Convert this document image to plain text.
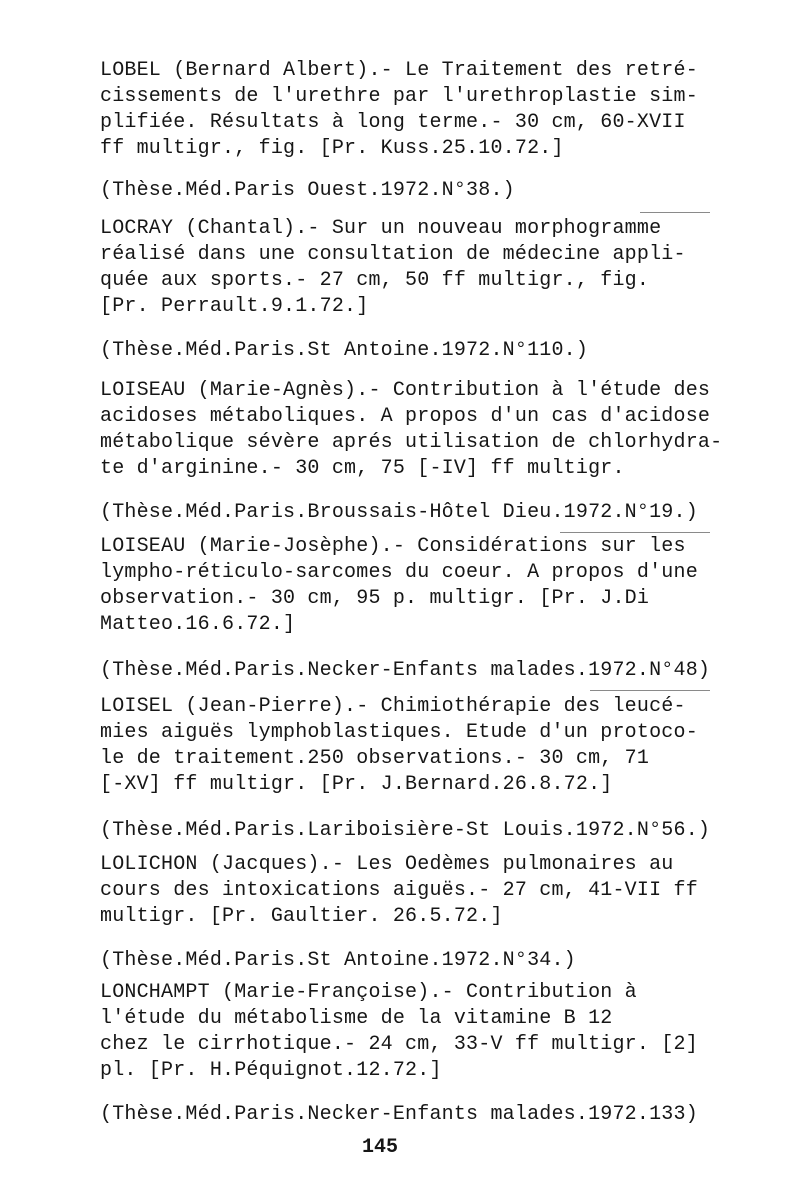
LOBEL (Bernard Albert).- Le Traitement des retré-
cissements de l'urethre par l'urethroplastie sim-
plifiée. Résultats à long terme.- 30 cm, 60-XVII
ff multigr., fig. [Pr. Kuss.25.10.72.]
(Thèse.Méd.Paris Ouest.1972.N°38.)
LOCRAY (Chantal).- Sur un nouveau morphogramme
réalisé dans une consultation de médecine appli-
quée aux sports.- 27 cm, 50 ff multigr., fig.
[Pr. Perrault.9.1.72.]
(Thèse.Méd.Paris.St Antoine.1972.N°110.)
LOISEAU (Marie-Agnès).- Contribution à l'étude des
acidoses métaboliques. A propos d'un cas d'acidose
métabolique sévère aprés utilisation de chlorhydra-
te d'arginine.- 30 cm, 75 [-IV] ff multigr.
(Thèse.Méd.Paris.Broussais-Hôtel Dieu.1972.N°19.)
LOISEAU (Marie-Josèphe).- Considérations sur les
lympho-réticulo-sarcomes du coeur. A propos d'une
observation.- 30 cm, 95 p. multigr. [Pr. J.Di
Matteo.16.6.72.]
(Thèse.Méd.Paris.Necker-Enfants malades.1972.N°48)
LOISEL (Jean-Pierre).- Chimiothérapie des leucé-
mies aiguës lymphoblastiques. Etude d'un protoco-
le de traitement.250 observations.- 30 cm, 71
[-XV] ff multigr. [Pr. J.Bernard.26.8.72.]
(Thèse.Méd.Paris.Lariboisière-St Louis.1972.N°56.)
LOLICHON (Jacques).- Les Oedèmes pulmonaires au
cours des intoxications aiguës.- 27 cm, 41-VII ff
multigr. [Pr. Gaultier. 26.5.72.]
(Thèse.Méd.Paris.St Antoine.1972.N°34.)
LONCHAMPT (Marie-Françoise).- Contribution à
l'étude du métabolisme de la vitamine B 12
chez le cirrhotique.- 24 cm, 33-V ff multigr. [2]
pl. [Pr. H.Péquignot.12.72.]
(Thèse.Méd.Paris.Necker-Enfants malades.1972.133)
145
